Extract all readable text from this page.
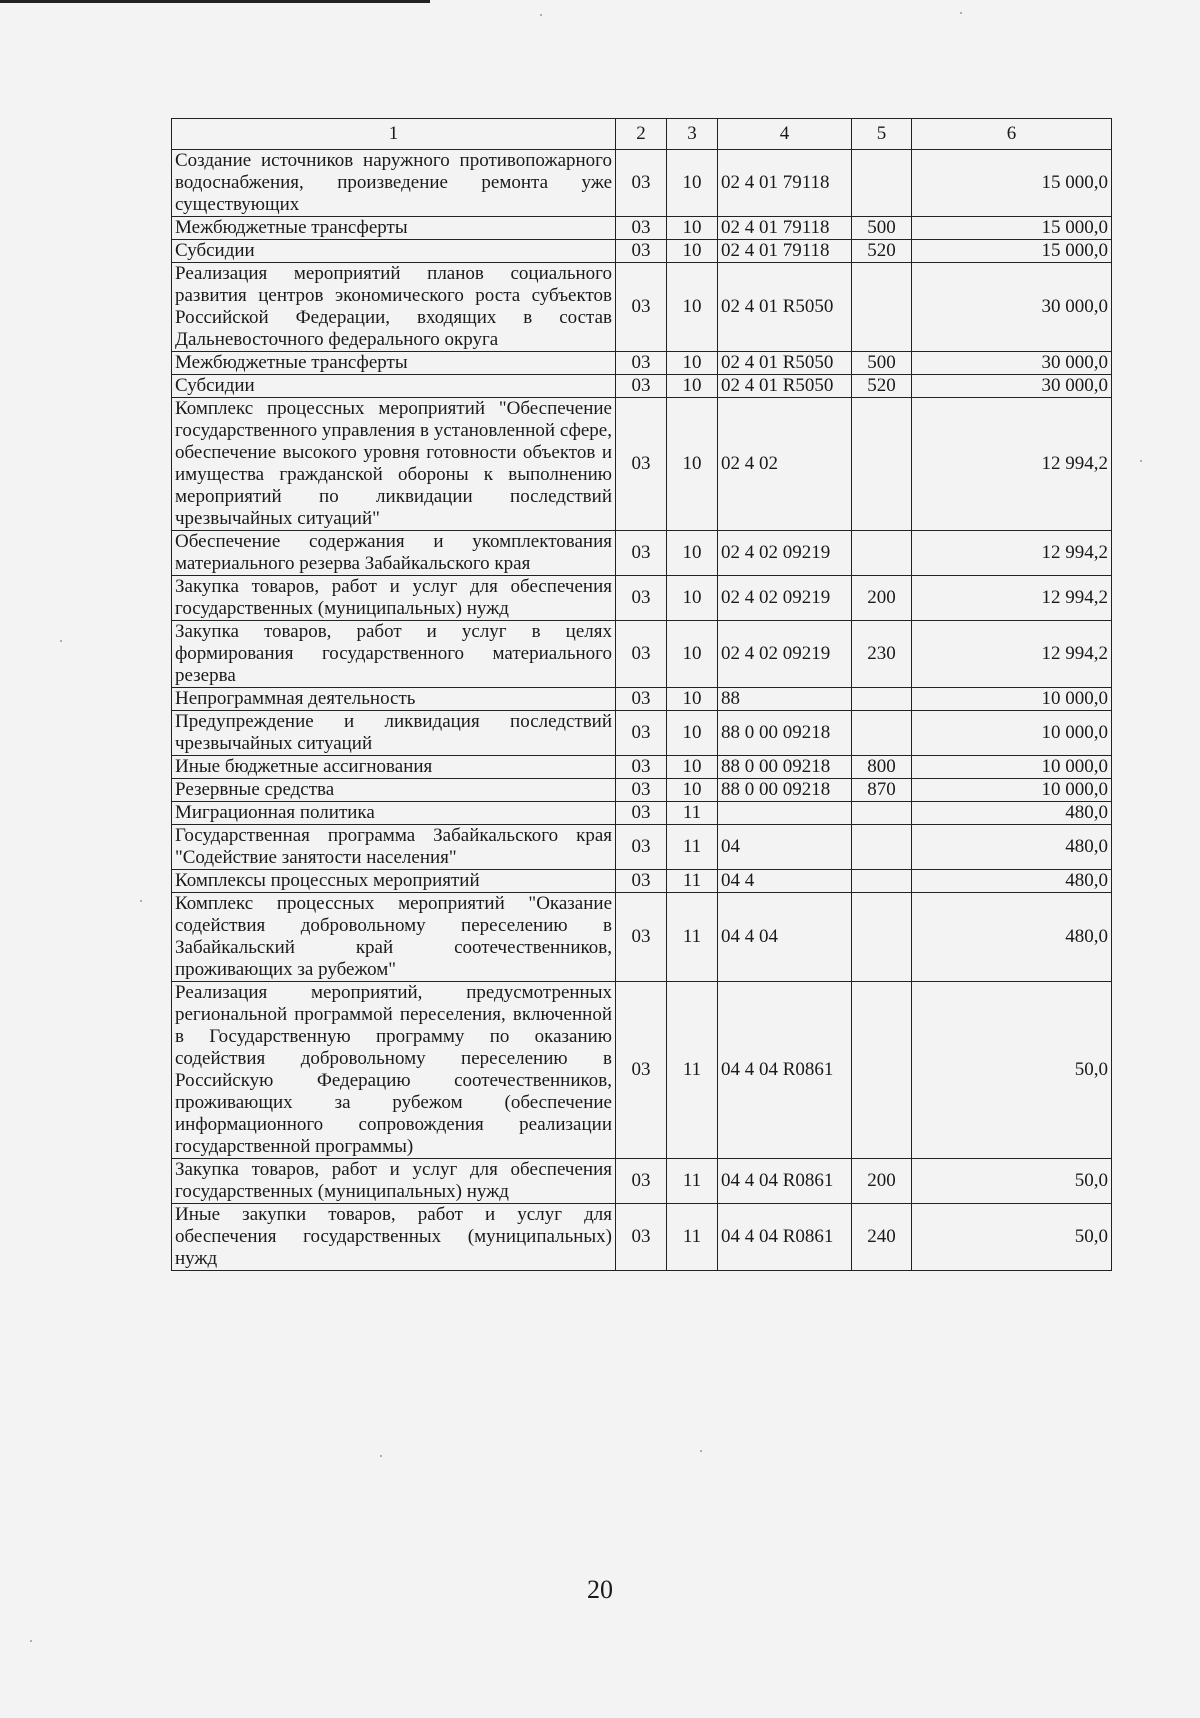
1	2	3	4	5	6
Создание источников наружного противопожарного водоснабжения, произведение ремонта уже существующих	03	10	02 4 01 79118		15 000,0
Межбюджетные трансферты	03	10	02 4 01 79118	500	15 000,0
Субсидии	03	10	02 4 01 79118	520	15 000,0
Реализация мероприятий планов социального развития центров экономического роста субъектов Российской Федерации, входящих в состав Дальневосточного федерального округа	03	10	02 4 01 R5050		30 000,0
Межбюджетные трансферты	03	10	02 4 01 R5050	500	30 000,0
Субсидии	03	10	02 4 01 R5050	520	30 000,0
Комплекс процессных мероприятий "Обеспечение государственного управления в установленной сфере, обеспечение высокого уровня готовности объектов и имущества гражданской обороны к выполнению мероприятий по ликвидации последствий чрезвычайных ситуаций"	03	10	02 4 02		12 994,2
Обеспечение содержания и укомплектования материального резерва Забайкальского края	03	10	02 4 02 09219		12 994,2
Закупка товаров, работ и услуг для обеспечения государственных (муниципальных) нужд	03	10	02 4 02 09219	200	12 994,2
Закупка товаров, работ и услуг в целях формирования государственного материального резерва	03	10	02 4 02 09219	230	12 994,2
Непрограммная деятельность	03	10	88		10 000,0
Предупреждение и ликвидация последствий чрезвычайных ситуаций	03	10	88 0 00 09218		10 000,0
Иные бюджетные ассигнования	03	10	88 0 00 09218	800	10 000,0
Резервные средства	03	10	88 0 00 09218	870	10 000,0
Миграционная политика	03	11			480,0
Государственная программа Забайкальского края "Содействие занятости населения"	03	11	04		480,0
Комплексы процессных мероприятий	03	11	04 4		480,0
Комплекс процессных мероприятий "Оказание содействия добровольному переселению в Забайкальский край соотечественников, проживающих за рубежом"	03	11	04 4 04		480,0
Реализация мероприятий, предусмотренных региональной программой переселения, включенной в Государственную программу по оказанию содействия добровольному переселению в Российскую Федерацию соотечественников, проживающих за рубежом (обеспечение информационного сопровождения реализации государственной программы)	03	11	04 4 04 R0861		50,0
Закупка товаров, работ и услуг для обеспечения государственных (муниципальных) нужд	03	11	04 4 04 R0861	200	50,0
Иные закупки товаров, работ и услуг для обеспечения государственных (муниципальных) нужд	03	11	04 4 04 R0861	240	50,0
20
